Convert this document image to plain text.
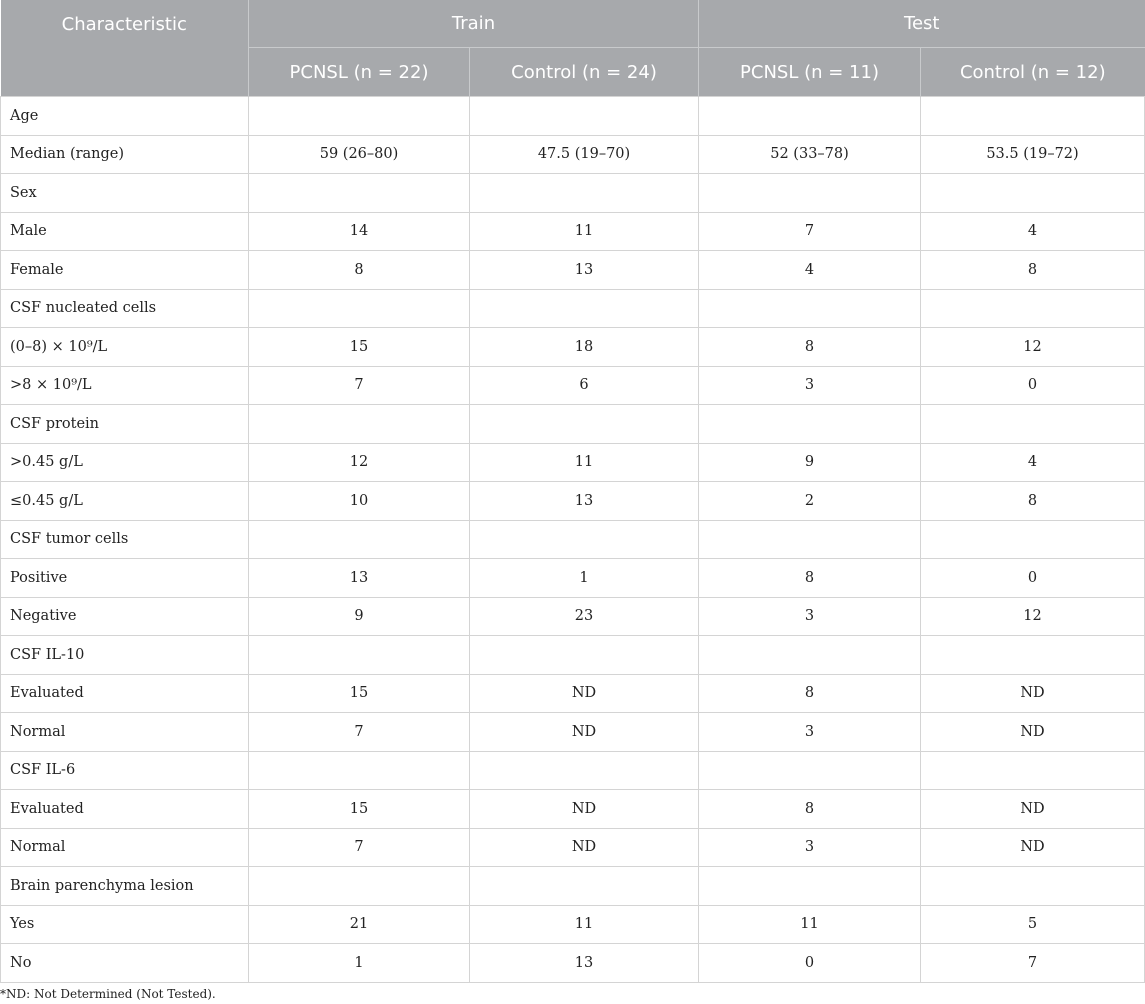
Characteristic	Train		Test	
	PCNSL (n = 22)	Control (n = 24)	PCNSL (n = 11)	Control (n = 12)
Age				
Median (range)	59 (26–80)	47.5 (19–70)	52 (33–78)	53.5 (19–72)
Sex				
Male	14	11	7	4
Female	8	13	4	8
CSF nucleated cells				
(0–8) × 10⁹/L	15	18	8	12
>8 × 10⁹/L	7	6	3	0
CSF protein				
>0.45 g/L	12	11	9	4
≤0.45 g/L	10	13	2	8
CSF tumor cells				
Positive	13	1	8	0
Negative	9	23	3	12
CSF IL-10				
Evaluated	15	ND	8	ND
Normal	7	ND	3	ND
CSF IL-6				
Evaluated	15	ND	8	ND
Normal	7	ND	3	ND
Brain parenchyma lesion				
Yes	21	11	11	5
No	1	13	0	7
*ND: Not Determined (Not Tested).
